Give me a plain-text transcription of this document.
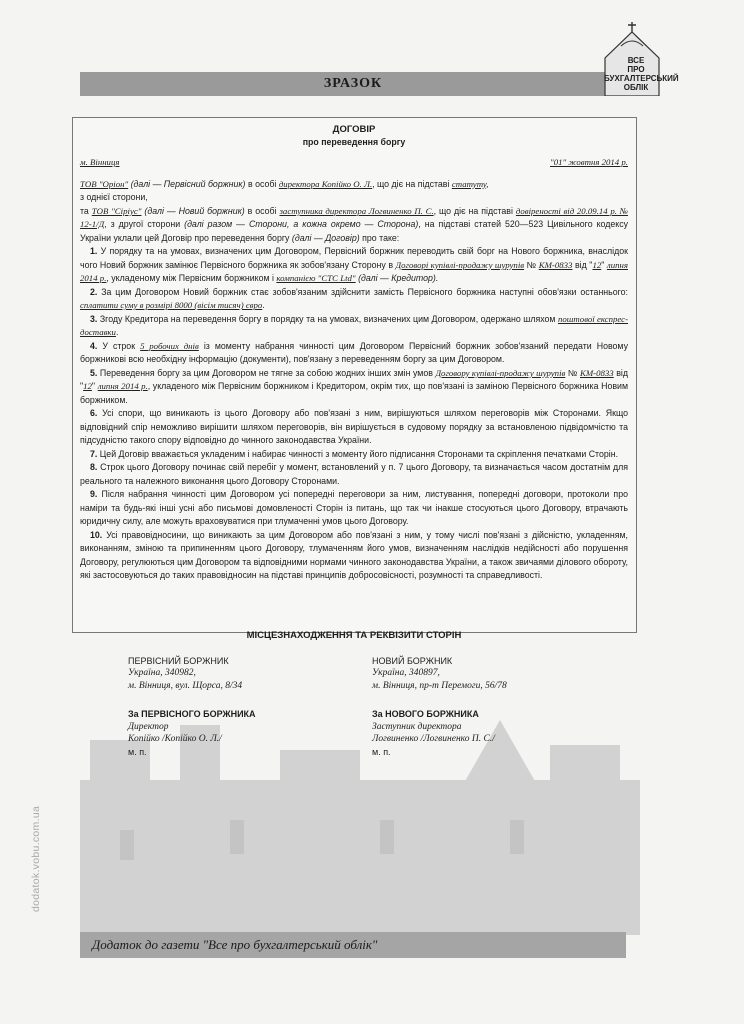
ЗРАЗОК
ВСЕ
ПРО
БУХГАЛТЕРСЬКИЙ
ОБЛІК
ДОГОВІР
про переведення боргу
м. Вінниця	"01" жовтня 2014 р.

ТОВ "Оріон" (далі — Первісний боржник) в особі директора Копійко О. Л., що діє на підставі статуту,
з однієї сторони,
та ТОВ "Сіріус" (далі — Новий боржник) в особі заступника директора Логвиненко П. С., що діє на підставі довіреності від 20.09.14 р. № 12-1/Д, з другої сторони (далі разом — Сторони, а кожна окремо — Сторона), на підставі статей 520—523 Цивільного кодексу України уклали цей Договір про переведення боргу (далі — Договір) про таке:

1. У порядку та на умовах, визначених цим Договором, Первісний боржник переводить свій борг на Нового боржника, внаслідок чого Новий боржник замінює Первісного боржника як зобов'язану Сторону в Договорі купівлі-продажу шурупів № КМ-0833 від "12" липня 2014 р., укладеному між Первісним боржником і компанією "СТС Ltd" (далі — Кредитор).

2. За цим Договором Новий боржник стає зобов'язаним здійснити замість Первісного боржника наступні обов'язки останнього: сплатити суму в розмірі 8000 (вісім тисяч) євро.

3. Згоду Кредитора на переведення боргу в порядку та на умовах, визначених цим Договором, одержано шляхом поштової експрес-доставки.

4. У строк 5 робочих днів із моменту набрання чинності цим Договором Первісний боржник зобов'язаний передати Новому боржникові всю необхідну інформацію (документи), пов'язану з переведенням боргу за цим Договором.

5. Переведення боргу за цим Договором не тягне за собою жодних інших змін умов Договору купівлі-продажу шурупів № КМ-0833 від "12" липня 2014 р., укладеного між Первісним боржником і Кредитором, окрім тих, що пов'язані із заміною Первісного боржника Новим боржником.

6. Усі спори, що виникають із цього Договору або пов'язані з ним, вирішуються шляхом переговорів між Сторонами. Якщо відповідний спір неможливо вирішити шляхом переговорів, він вирішується в судовому порядку за встановленою підвідомчістю та підсудністю такого спору відповідно до чинного законодавства України.

7. Цей Договір вважається укладеним і набирає чинності з моменту його підписання Сторонами та скріплення печатками Сторін.

8. Строк цього Договору починає свій перебіг у момент, встановлений у п. 7 цього Договору, та визначається часом достатнім для реального та належного виконання цього Договору Сторонами.

9. Після набрання чинності цим Договором усі попередні переговори за ним, листування, попередні договори, протоколи про наміри та будь-які інші усні або письмові домовленості Сторін із питань, що так чи інакше стосуються цього Договору, втрачають юридичну силу, але можуть враховуватися при тлумаченні умов цього Договору.

10. Усі правовідносини, що виникають за цим Договором або пов'язані з ним, у тому числі пов'язані з дійсністю, укладенням, виконанням, зміною та припиненням цього Договору, тлумаченням його умов, визначенням наслідків недійсності або порушення Договору, регулюються цим Договором та відповідними нормами чинного законодавства України, а також звичаями ділового обороту, які застосовуються до таких правовідносин на підставі принципів добросовісності, розумності та справедливості.

МІСЦЕЗНАХОДЖЕННЯ ТА РЕКВІЗИТИ СТОРІН
ПЕРВІСНИЙ БОРЖНИК
Україна, 340982,
м. Вінниця, вул. Щорса, 8/34
НОВИЙ БОРЖНИК
Україна, 340897,
м. Вінниця, пр-т Перемоги, 56/78
За ПЕРВІСНОГО БОРЖНИКА
Директор
Копійко /Копійко О. Л./
м. п.
За НОВОГО БОРЖНИКА
Заступник директора
Логвиненко /Логвиненко П. С./
м. п.
dodatok.vobu.com.ua
Додаток до газети "Все про бухгалтерський облік"
